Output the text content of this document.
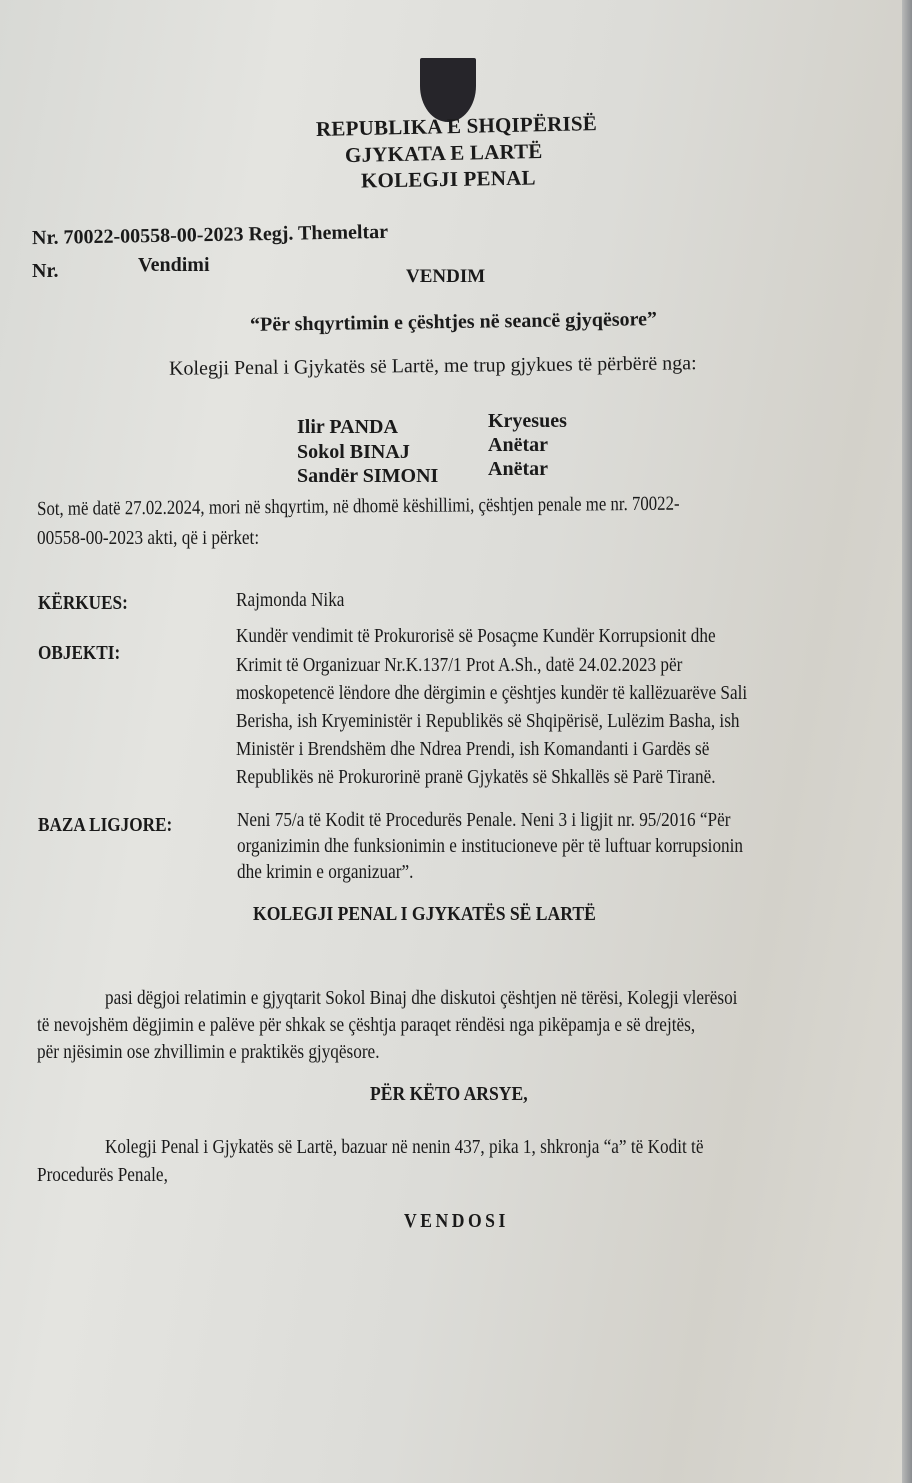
REPUBLIKA E SHQIPËRISË
GJYKATA E LARTË
KOLEGJI PENAL
Nr. 70022-00558-00-2023 Regj. Themeltar
Nr.	Vendimi
VENDIM
“Për shqyrtimin e çështjes në seancë gjyqësore”
Kolegji Penal i Gjykatës së Lartë, me trup gjykues të përbërë nga:
Ilir PANDA	Kryesues
Sokol BINAJ	Anëtar
Sandër SIMONI Anëtar
Sot, më datë 27.02.2024, mori në shqyrtim, në dhomë këshillimi, çështjen penale me nr. 70022-
00558-00-2023 akti, që i përket:
KËRKUES:	Rajmonda Nika
OBJEKTI:
Kundër vendimit të Prokurorisë së Posaçme Kundër Korrupsionit dhe
Krimit të Organizuar Nr.K.137/1 Prot A.Sh., datë 24.02.2023 për
moskopetencë lëndore dhe dërgimin e çështjes kundër të kallëzuarëve Sali
Berisha, ish Kryeministër i Republikës së Shqipërisë, Lulëzim Basha, ish
Ministër i Brendshëm dhe Ndrea Prendi, ish Komandanti i Gardës së
Republikës në Prokurorinë pranë Gjykatës së Shkallës së Parë Tiranë.
BAZA LIGJORE:	Neni 75/a të Kodit të Procedurës Penale. Neni 3 i ligjit nr. 95/2016 “Për
organizimin dhe funksionimin e institucioneve për të luftuar korrupsionin
dhe krimin e organizuar”.
KOLEGJI PENAL I GJYKATËS SË LARTË
pasi dëgjoi relatimin e gjyqtarit Sokol Binaj dhe diskutoi çështjen në tërësi, Kolegji vlerësoi
të nevojshëm dëgjimin e palëve për shkak se çështja paraqet rëndësi nga pikëpamja e së drejtës,
për njësimin ose zhvillimin e praktikës gjyqësore.
PËR KËTO ARSYE,
Kolegji Penal i Gjykatës së Lartë, bazuar në nenin 437, pika 1, shkronja “a” të Kodit të
Procedurës Penale,
VENDOSI
